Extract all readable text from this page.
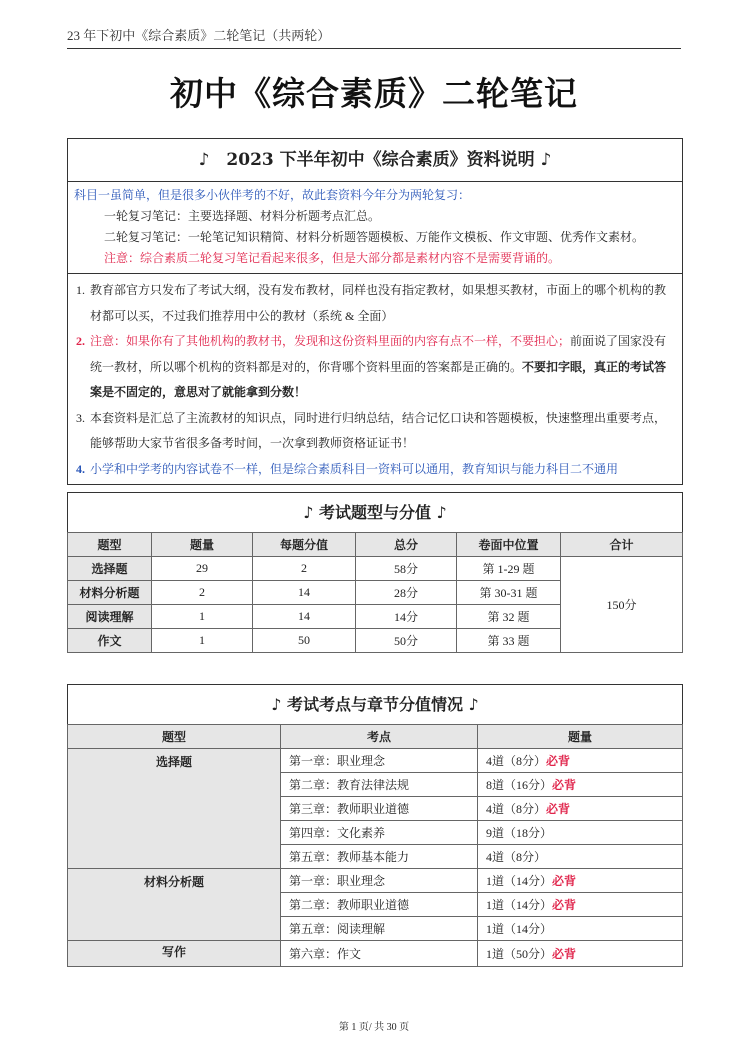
23 年下初中《综合素质》二轮笔记（共两轮）
初中《综合素质》二轮笔记
♪　2023 下半年初中《综合素质》资料说明 ♪
科目一虽简单，但是很多小伙伴考的不好，故此套资料今年分为两轮复习：
一轮复习笔记：主要选择题、材料分析题考点汇总。
二轮复习笔记：一轮笔记知识精简、材料分析题答题模板、万能作文模板、作文审题、优秀作文素材。
注意：综合素质二轮复习笔记看起来很多，但是大部分都是素材内容不是需要背诵的。
1. 教育部官方只发布了考试大纲，没有发布教材，同样也没有指定教材，如果想买教材，市面上的哪个机构的教材都可以买，不过我们推荐用中公的教材（系统 & 全面）
2. 注意：如果你有了其他机构的教材书，发现和这份资料里面的内容有点不一样，不要担心；前面说了国家没有统一教材，所以哪个机构的资料都是对的，你背哪个资料里面的答案都是正确的。不要扣字眼，真正的考试答案是不固定的，意思对了就能拿到分数！
3. 本套资料是汇总了主流教材的知识点，同时进行归纳总结，结合记忆口诀和答题模板，快速整理出重要考点，能够帮助大家节省很多备考时间，一次拿到教师资格证证书！
4. 小学和中学考的内容试卷不一样，但是综合素质科目一资料可以通用，教育知识与能力科目二不通用
♪ 考试题型与分值 ♪
题型	题量	每题分值	总分	卷面中位置	合计
选择题	29	2	58分	第 1-29 题	150分
材料分析题	2	14	28分	第 30-31 题	
阅读理解	1	14	14分	第 32 题	
作文	1	50	50分	第 33 题	
♪ 考试考点与章节分值情况 ♪
题型	考点	题量
选择题	第一章：职业理念	4道（8分）必背
	第二章：教育法律法规	8道（16分）必背
	第三章：教师职业道德	4道（8分）必背
	第四章：文化素养	9道（18分）
	第五章：教师基本能力	4道（8分）
材料分析题	第一章：职业理念	1道（14分）必背
	第二章：教师职业道德	1道（14分）必背
	第五章：阅读理解	1道（14分）
写作	第六章：作文	1道（50分）必背
第 1 页/ 共 30 页
